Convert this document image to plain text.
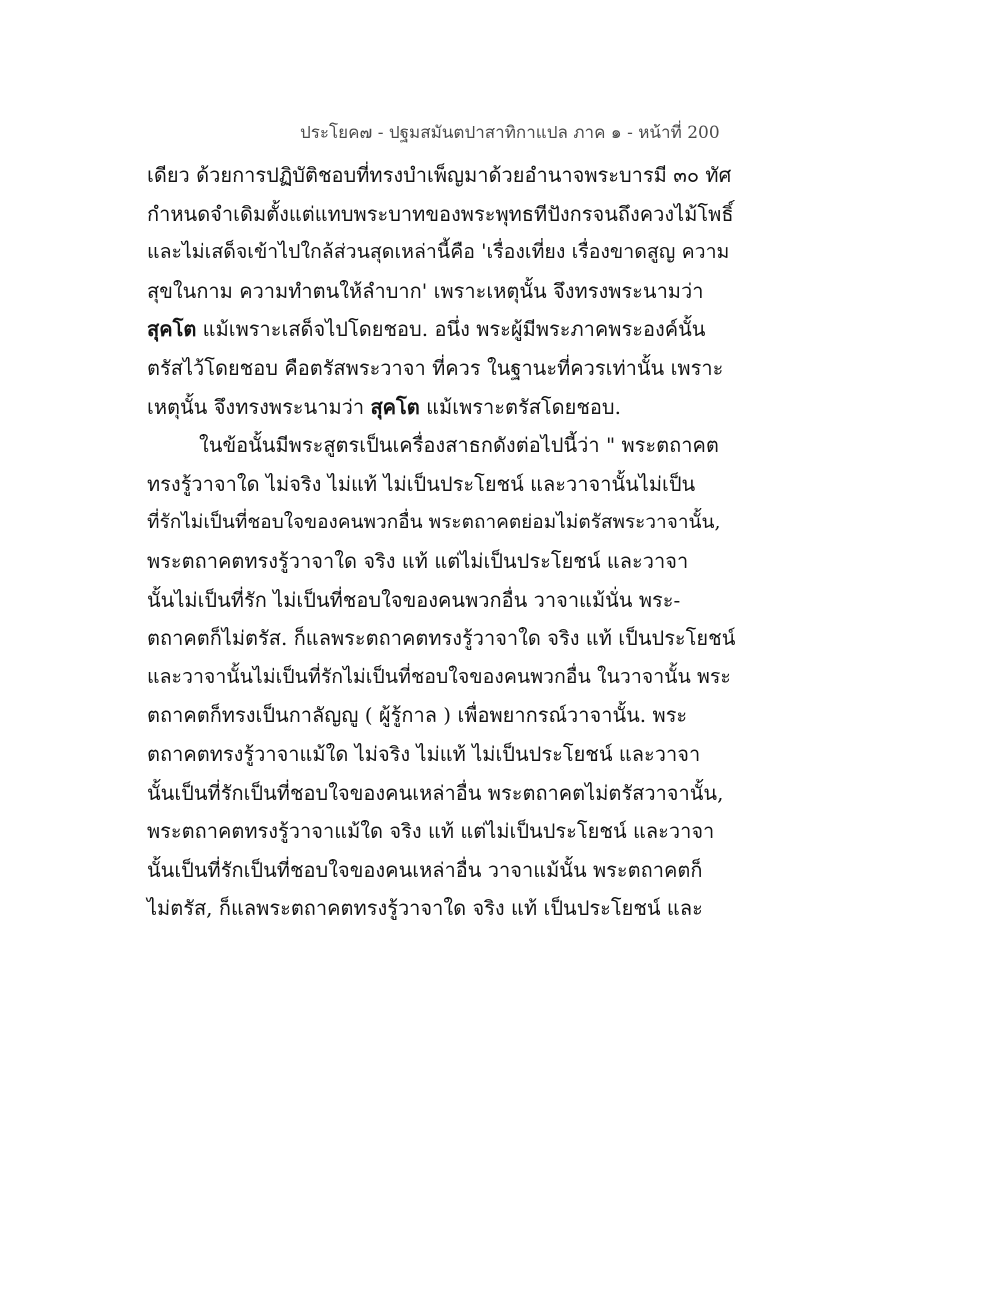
ประโยค๗ - ปฐมสมันตปาสาทิกาแปล ภาค ๑ - หน้าที่ 200
เดียว ด้วยการปฏิบัติชอบที่ทรงบำเพ็ญมาด้วยอำนาจพระบารมี ๓๐ ทัศ
กำหนดจำเดิมตั้งแต่แทบพระบาทของพระพุทธทีปังกรจนถึงควงไม้โพธิ์
และไม่เสด็จเข้าไปใกล้ส่วนสุดเหล่านี้คือ 'เรื่องเที่ยง เรื่องขาดสูญ ความ
สุขในกาม ความทำตนให้ลำบาก' เพราะเหตุนั้น จึงทรงพระนามว่า
สุคโต แม้เพราะเสด็จไปโดยชอบ. อนึ่ง พระผู้มีพระภาคพระองค์นั้น
ตรัสไว้โดยชอบ คือตรัสพระวาจา ที่ควร ในฐานะที่ควรเท่านั้น เพราะ
เหตุนั้น จึงทรงพระนามว่า สุคโต แม้เพราะตรัสโดยชอบ.
ในข้อนั้นมีพระสูตรเป็นเครื่องสาธกดังต่อไปนี้ว่า " พระตถาคต
ทรงรู้วาจาใด ไม่จริง ไม่แท้ ไม่เป็นประโยชน์ และวาจานั้นไม่เป็น
ที่รักไม่เป็นที่ชอบใจของคนพวกอื่น พระตถาคตย่อมไม่ตรัสพระวาจานั้น,
พระตถาคตทรงรู้วาจาใด จริง แท้ แต่ไม่เป็นประโยชน์ และวาจา
นั้นไม่เป็นที่รัก ไม่เป็นที่ชอบใจของคนพวกอื่น วาจาแม้นั่น พระ-
ตถาคตก็ไม่ตรัส. ก็แลพระตถาคตทรงรู้วาจาใด จริง แท้ เป็นประโยชน์
และวาจานั้นไม่เป็นที่รักไม่เป็นที่ชอบใจของคนพวกอื่น ในวาจานั้น พระ
ตถาคตก็ทรงเป็นกาลัญญู ( ผู้รู้กาล ) เพื่อพยากรณ์วาจานั้น. พระ
ตถาคตทรงรู้วาจาแม้ใด ไม่จริง ไม่แท้ ไม่เป็นประโยชน์ และวาจา
นั้นเป็นที่รักเป็นที่ชอบใจของคนเหล่าอื่น พระตถาคตไม่ตรัสวาจานั้น,
พระตถาคตทรงรู้วาจาแม้ใด จริง แท้ แต่ไม่เป็นประโยชน์ และวาจา
นั้นเป็นที่รักเป็นที่ชอบใจของคนเหล่าอื่น วาจาแม้นั้น พระตถาคตก็
ไม่ตรัส, ก็แลพระตถาคตทรงรู้วาจาใด จริง แท้ เป็นประโยชน์ และ
